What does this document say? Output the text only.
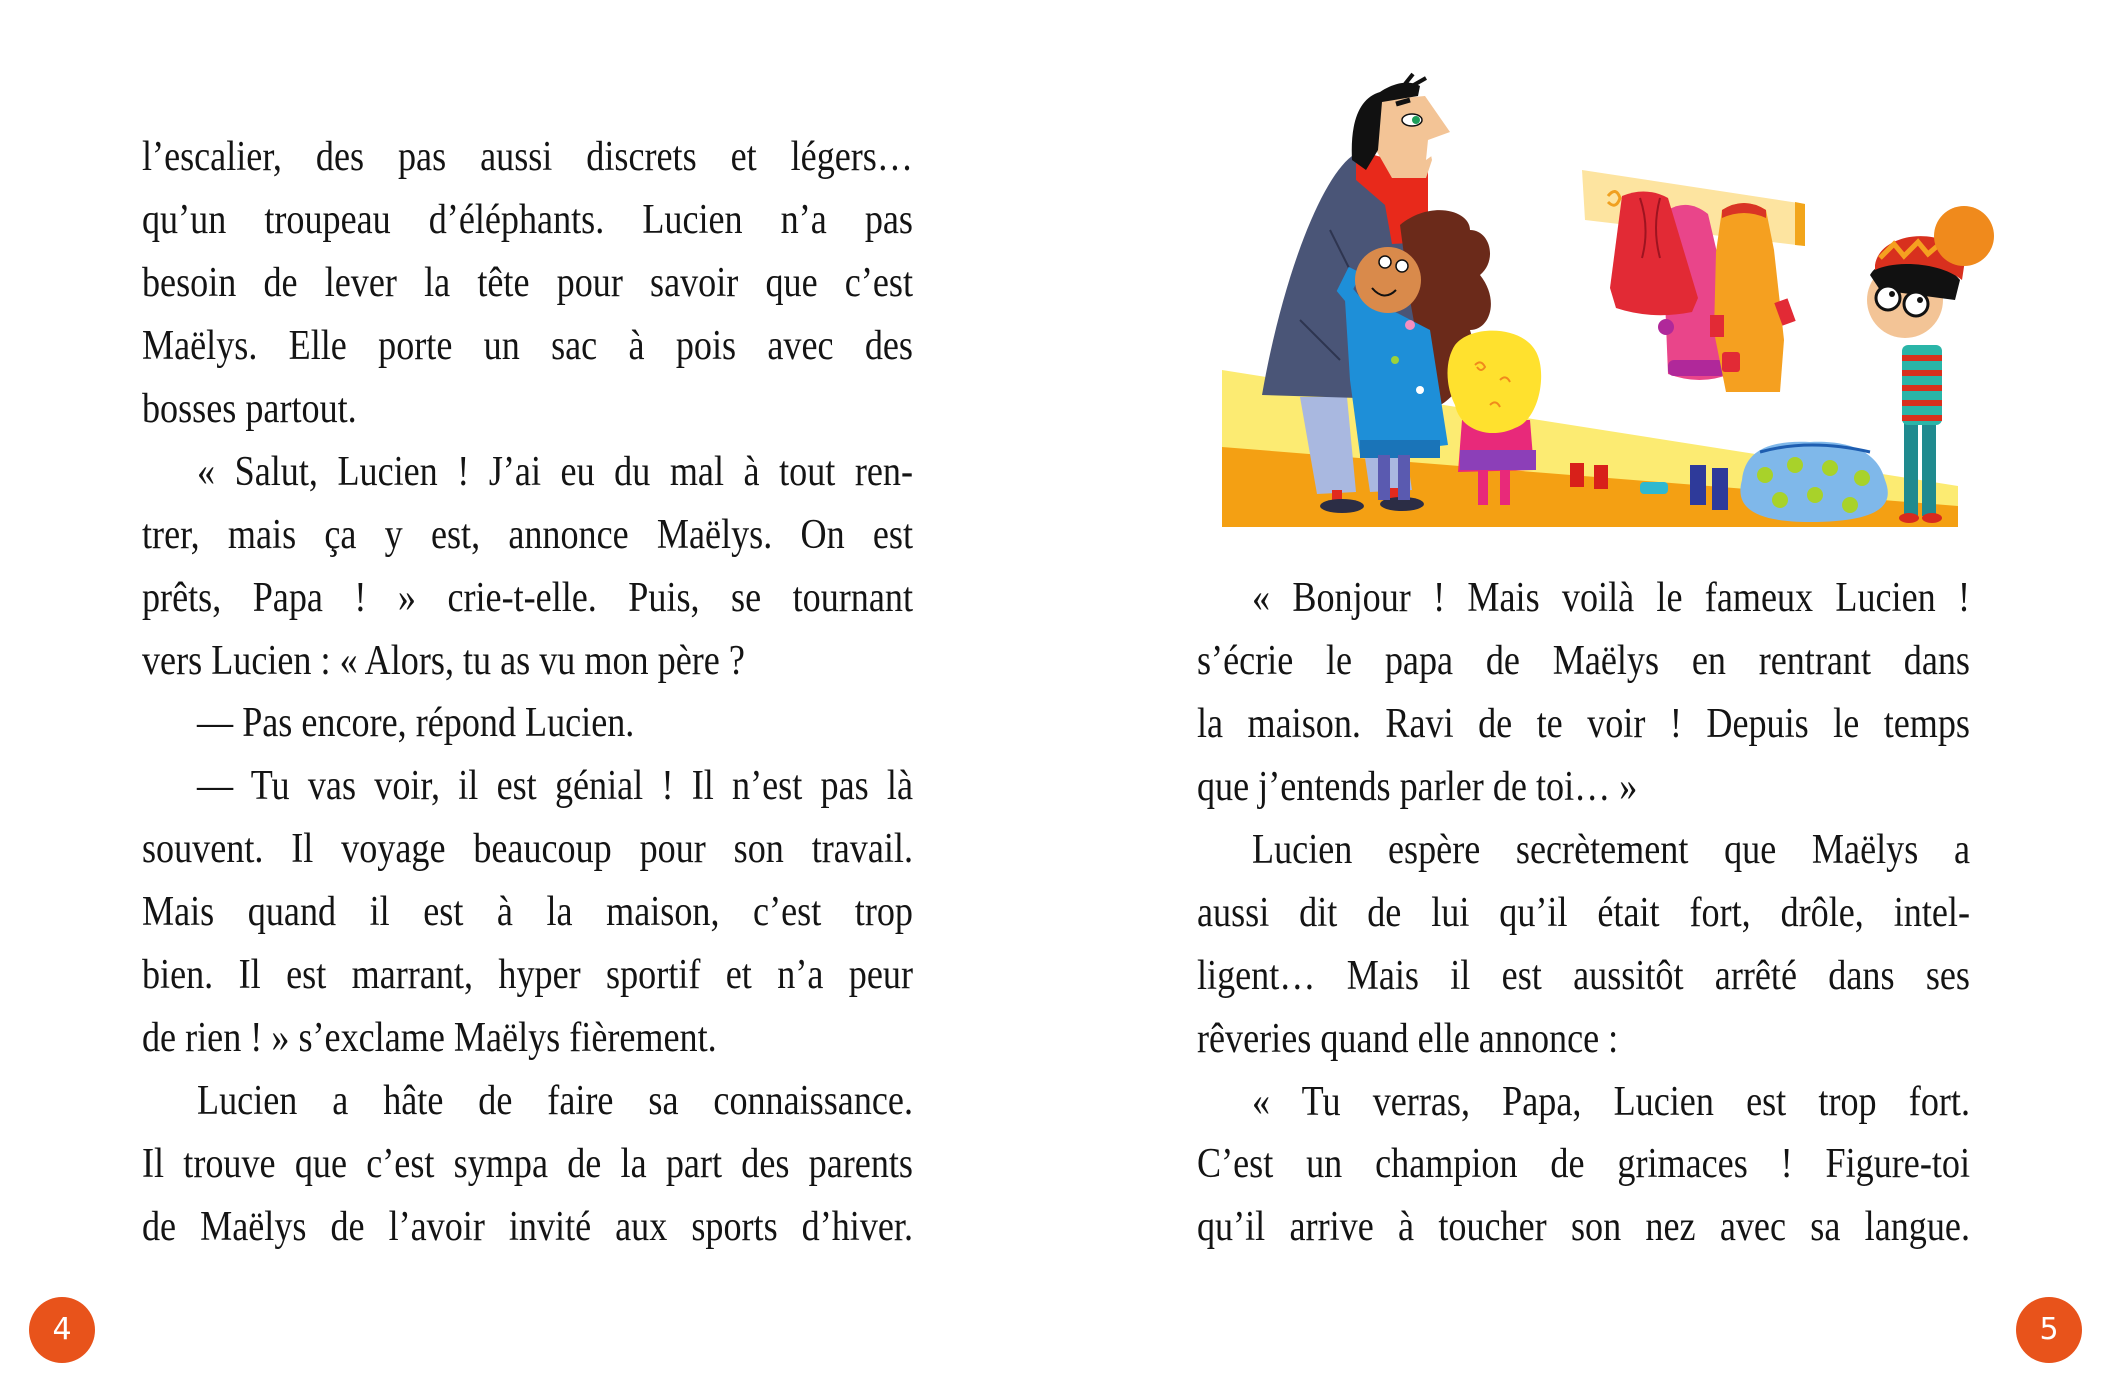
l’escalier, des pas aussi discrets et légers…
qu’un troupeau d’éléphants. Lucien n’a pas
besoin de lever la tête pour savoir que c’est
Maëlys. Elle porte un sac à pois avec des
bosses partout.
« Salut, Lucien ! J’ai eu du mal à tout ren-
trer, mais ça y est, annonce Maëlys. On est
prêts, Papa ! » crie-t-elle. Puis, se tournant
vers Lucien : « Alors, tu as vu mon père ?
— Pas encore, répond Lucien.
— Tu vas voir, il est génial ! Il n’est pas là
souvent. Il voyage beaucoup pour son travail.
Mais quand il est à la maison, c’est trop
bien. Il est marrant, hyper sportif et n’a peur
de rien ! » s’exclame Maëlys fièrement.
Lucien a hâte de faire sa connaissance.
Il trouve que c’est sympa de la part des parents
de Maëlys de l’avoir invité aux sports d’hiver.
4
« Bonjour ! Mais voilà le fameux Lucien !
s’écrie le papa de Maëlys en rentrant dans
la maison. Ravi de te voir ! Depuis le temps
que j’entends parler de toi… »
Lucien espère secrètement que Maëlys a
aussi dit de lui qu’il était fort, drôle, intel-
ligent… Mais il est aussitôt arrêté dans ses
rêveries quand elle annonce :
« Tu verras, Papa, Lucien est trop fort.
C’est un champion de grimaces ! Figure-toi
qu’il arrive à toucher son nez avec sa langue.
5
